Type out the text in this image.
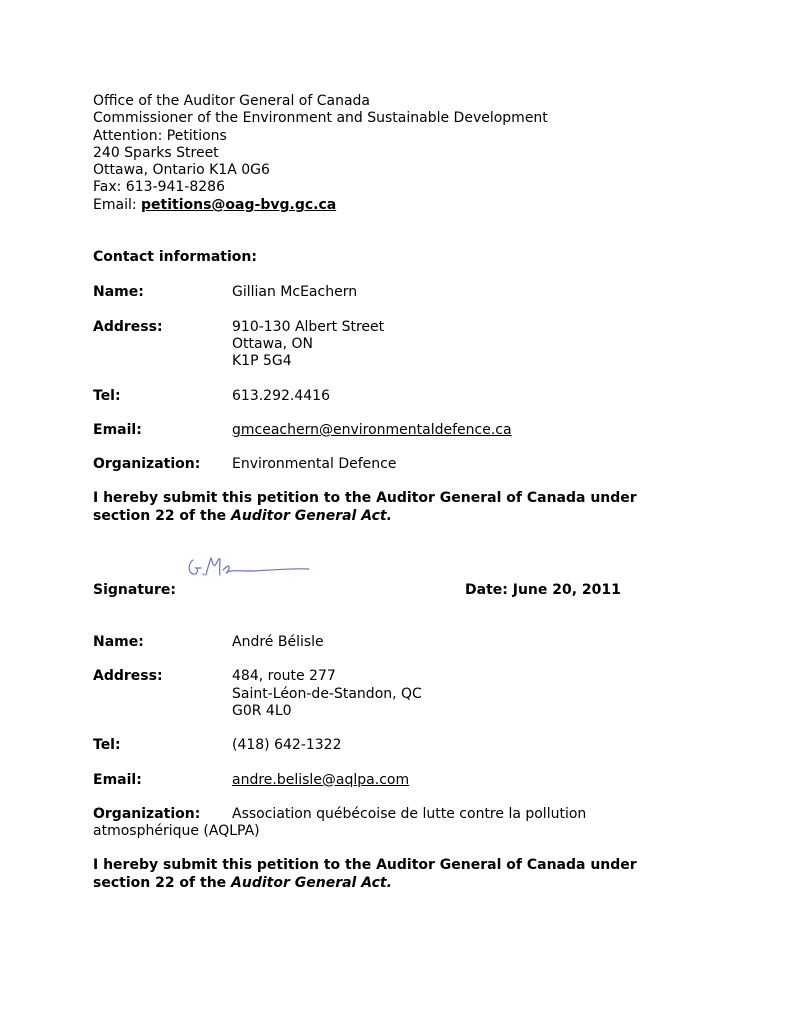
Office of the Auditor General of Canada
Commissioner of the Environment and Sustainable Development
Attention: Petitions
240 Sparks Street
Ottawa, Ontario K1A 0G6
Fax: 613-941-8286
Email: petitions@oag-bvg.gc.ca
Contact information:
Name:	Gillian McEachern
Address:	910-130 Albert Street
Ottawa, ON
K1P 5G4
Tel:	613.292.4416
Email:	gmceachern@environmentaldefence.ca
Organization: Environmental Defence
I hereby submit this petition to the Auditor General of Canada under
section 22 of the Auditor General Act.
Signature:	Date: June 20, 2011
Name:	André Bélisle
Address:	484, route 277
Saint-Léon-de-Standon, QC
G0R 4L0
Tel:	(418) 642-1322
Email:	andre.belisle@aqlpa.com
Organization: Association québécoise de lutte contre la pollution
atmosphérique (AQLPA)
I hereby submit this petition to the Auditor General of Canada under
section 22 of the Auditor General Act.
